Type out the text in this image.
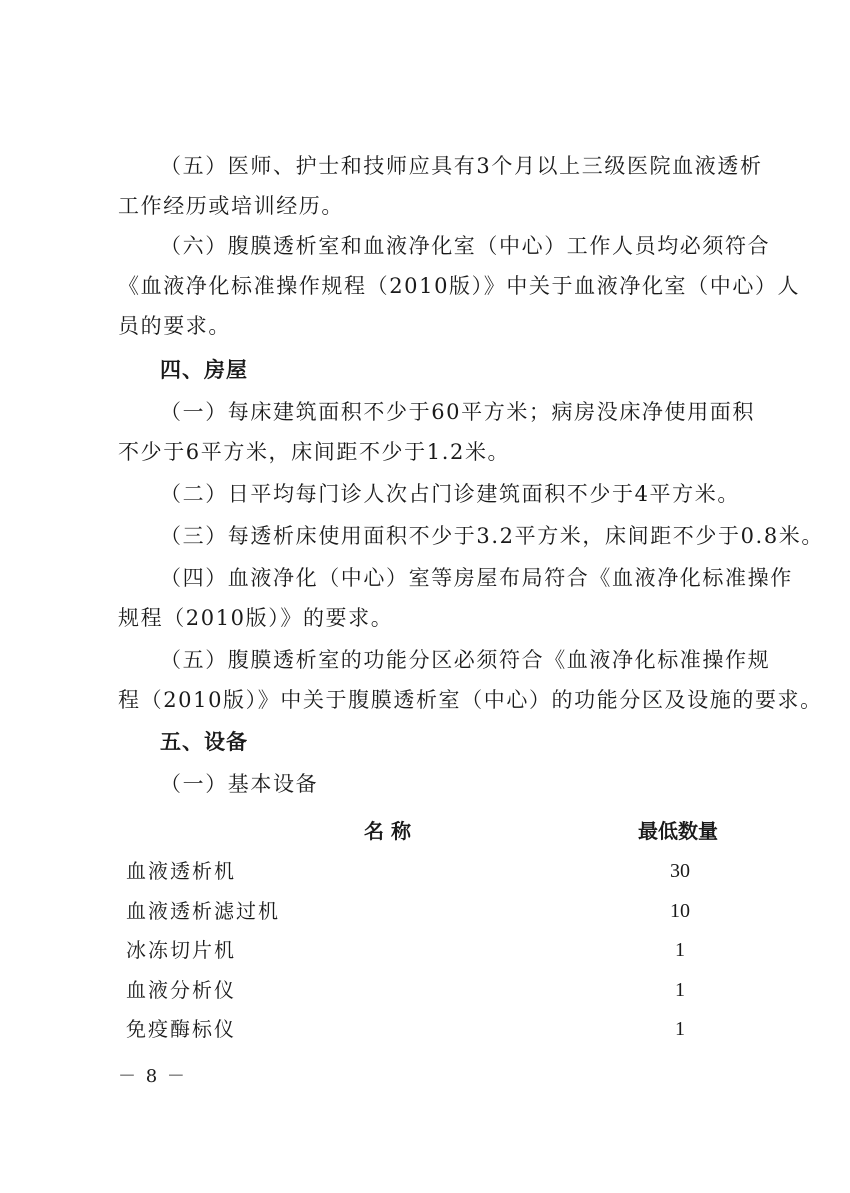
（五）医师、护士和技师应具有3个月以上三级医院血液透析
工作经历或培训经历。
（六）腹膜透析室和血液净化室（中心）工作人员均必须符合
《血液净化标准操作规程（2010版）》中关于血液净化室（中心）人
员的要求。
四、房屋
（一）每床建筑面积不少于60平方米；病房没床净使用面积
不少于6平方米，床间距不少于1.2米。
（二）日平均每门诊人次占门诊建筑面积不少于4平方米。
（三）每透析床使用面积不少于3.2平方米，床间距不少于0.8米。
（四）血液净化（中心）室等房屋布局符合《血液净化标准操作
规程（2010版）》的要求。
（五）腹膜透析室的功能分区必须符合《血液净化标准操作规
程（2010版）》中关于腹膜透析室（中心）的功能分区及设施的要求。
五、设备
（一）基本设备
名 称	最低数量
血液透析机	30
血液透析滤过机	10
冰冻切片机	1
血液分析仪	1
免疫酶标仪	1
－ 8 －
